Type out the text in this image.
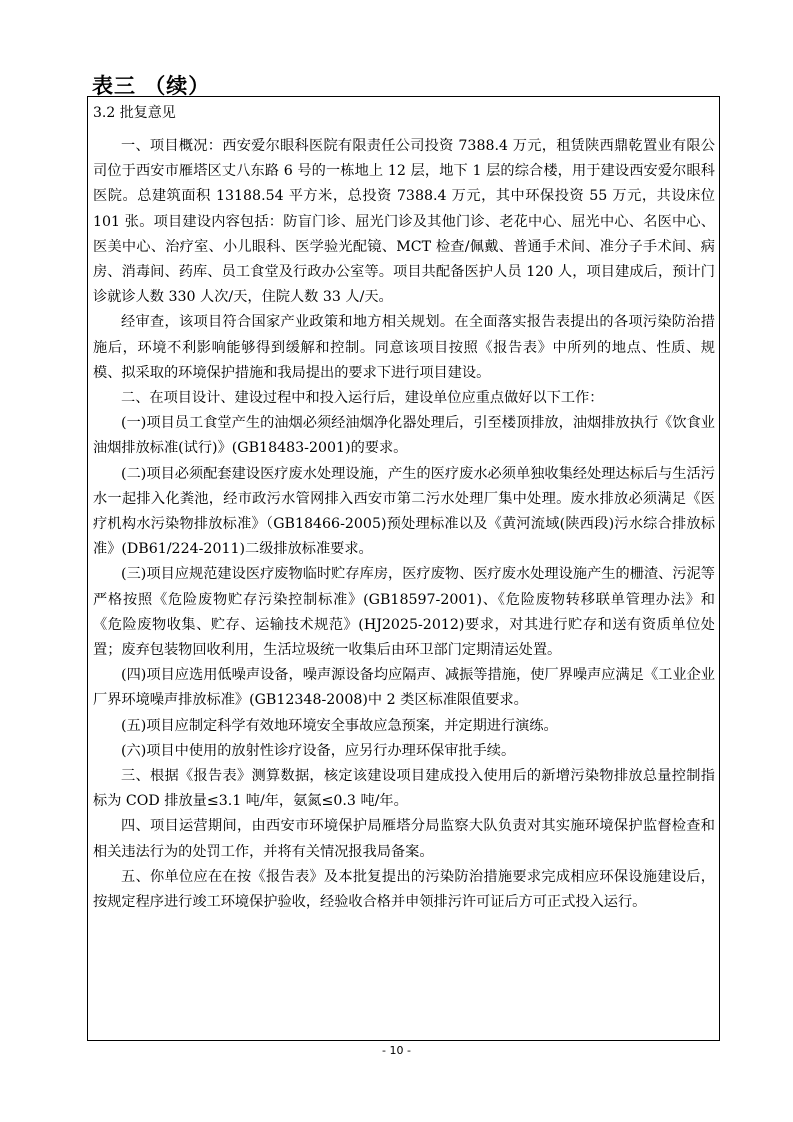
表三 （续）
3.2 批复意见

一、项目概况：西安爱尔眼科医院有限责任公司投资 7388.4 万元，租赁陕西鼎乾置业有限公司位于西安市雁塔区丈八东路 6 号的一栋地上 12 层，地下 1 层的综合楼，用于建设西安爱尔眼科医院。总建筑面积 13188.54 平方米，总投资 7388.4 万元，其中环保投资 55 万元，共设床位 101 张。项目建设内容包括：防盲门诊、屈光门诊及其他门诊、老花中心、屈光中心、名医中心、医美中心、治疗室、小儿眼科、医学验光配镜、MCT 检查/佩戴、普通手术间、准分子手术间、病房、消毒间、药库、员工食堂及行政办公室等。项目共配备医护人员 120 人，项目建成后，预计门诊就诊人数 330 人次/天，住院人数 33 人/天。

经审查，该项目符合国家产业政策和地方相关规划。在全面落实报告表提出的各项污染防治措施后，环境不利影响能够得到缓解和控制。同意该项目按照《报告表》中所列的地点、性质、规模、拟采取的环境保护措施和我局提出的要求下进行项目建设。

二、在项目设计、建设过程中和投入运行后，建设单位应重点做好以下工作：

(一)项目员工食堂产生的油烟必须经油烟净化器处理后，引至楼顶排放，油烟排放执行《饮食业油烟排放标准(试行)》(GB18483-2001)的要求。

(二)项目必须配套建设医疗废水处理设施，产生的医疗废水必须单独收集经处理达标后与生活污水一起排入化粪池，经市政污水管网排入西安市第二污水处理厂集中处理。废水排放必须满足《医疗机构水污染物排放标准》（GB18466-2005)预处理标准以及《黄河流域(陕西段)污水综合排放标准》(DB61/224-2011)二级排放标准要求。

(三)项目应规范建设医疗废物临时贮存库房，医疗废物、医疗废水处理设施产生的栅渣、污泥等严格按照《危险废物贮存污染控制标准》(GB18597-2001)、《危险废物转移联单管理办法》和《危险废物收集、贮存、运输技术规范》(HJ2025-2012)要求，对其进行贮存和送有资质单位处置；废弃包装物回收利用，生活垃圾统一收集后由环卫部门定期清运处置。

(四)项目应选用低噪声设备，噪声源设备均应隔声、减振等措施，使厂界噪声应满足《工业企业厂界环境噪声排放标准》(GB12348-2008)中 2 类区标准限值要求。

(五)项目应制定科学有效地环境安全事故应急预案，并定期进行演练。

(六)项目中使用的放射性诊疗设备，应另行办理环保审批手续。

三、根据《报告表》测算数据，核定该建设项目建成投入使用后的新增污染物排放总量控制指标为 COD 排放量≤3.1 吨/年，氨氮≤0.3 吨/年。

四、项目运营期间，由西安市环境保护局雁塔分局监察大队负责对其实施环境保护监督检查和相关违法行为的处罚工作，并将有关情况报我局备案。

五、你单位应在在按《报告表》及本批复提出的污染防治措施要求完成相应环保设施建设后，按规定程序进行竣工环境保护验收，经验收合格并申领排污许可证后方可正式投入运行。

- 10 -
